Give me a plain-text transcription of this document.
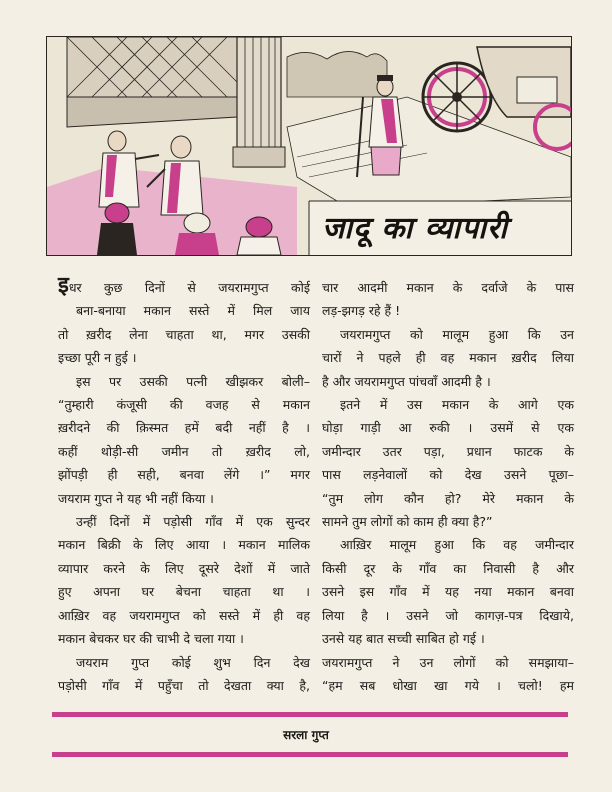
जादू का व्यापारी

इधर कुछ दिनों से जयरामगुप्त कोई

बना-बनाया मकान सस्ते में मिल जाय

तो ख़रीद लेना चाहता था, मगर उसकी

इच्छा पूरी न हुई ।

इस पर उसकी पत्नी खीझकर बोली–

“तुम्हारी कंजूसी की वजह से मकान

ख़रीदने की क़िस्मत हमें बदी नहीं है ।

कहीं थोड़ी-सी जमीन तो ख़रीद लो,

झोंपड़ी ही सही, बनवा लेंगे ।” मगर

जयराम गुप्त ने यह भी नहीं किया ।

उन्हीं दिनों में पड़ोसी गाँव में एक सुन्दर

मकान बिक्री के लिए आया । मकान मालिक

व्यापार करने के लिए दूसरे देशों में जाते

हुए अपना घर बेचना चाहता था ।

आख़िर वह जयरामगुप्त को सस्ते में ही वह

मकान बेचकर घर की चाभी दे चला गया ।

जयराम गुप्त कोई शुभ दिन देख

पड़ोसी गाँव में पहुँचा तो देखता क्या है,

चार आदमी मकान के दर्वाजे के पास

लड़-झगड़ रहे हैं !

जयरामगुप्त को मालूम हुआ कि उन

चारों ने पहले ही वह मकान ख़रीद लिया

है और जयरामगुप्त पांचवाँ आदमी है ।

इतने में उस मकान के आगे एक

घोड़ा गाड़ी आ रुकी । उसमें से एक

जमीन्दार उतर पड़ा, प्रधान फाटक के

पास लड़नेवालों को देख उसने पूछा–

“तुम लोग कौन हो? मेरे मकान के

सामने तुम लोगों को काम ही क्या है?”

आख़िर मालूम हुआ कि वह जमीन्दार

किसी दूर के गाँव का निवासी है और

उसने इस गाँव में यह नया मकान बनवा

लिया है । उसने जो कागज़-पत्र दिखाये,

उनसे यह बात सच्ची साबित हो गई ।

जयरामगुप्त ने उन लोगों को समझाया–

“हम सब धोखा खा गये । चलो! हम

सरला गुप्त
